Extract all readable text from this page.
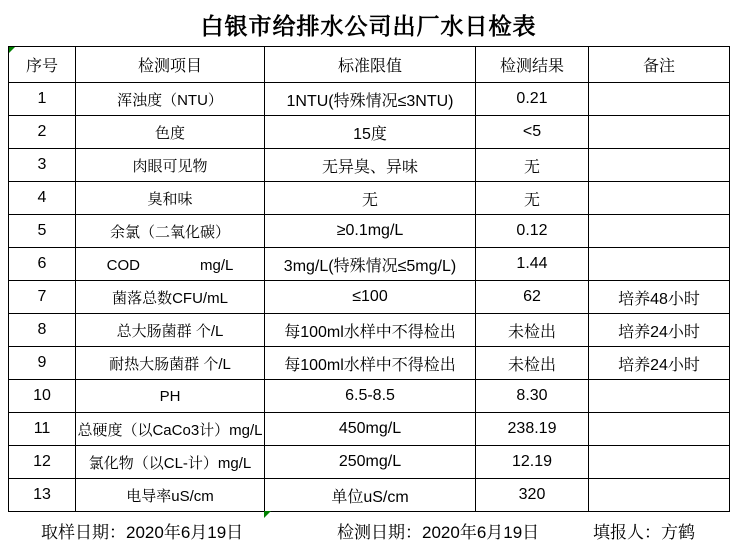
白银市给排水公司出厂水日检表
序号	检测项目	标准限值	检测结果	备注
1	浑浊度（NTU）	1NTU(特殊情况≤3NTU)	0.21	
2	色度	15度	<5	
3	肉眼可见物	无异臭、异味	无	
4	臭和味	无	无	
5	余氯（二氧化碳）	≥0.1mg/L	0.12	
6	COD　　　　mg/L	3mg/L(特殊情况≤5mg/L)	1.44	
7	菌落总数CFU/mL	≤100	62	培养48小时
8	总大肠菌群 个/L	每100ml水样中不得检出	未检出	培养24小时
9	耐热大肠菌群 个/L	每100ml水样中不得检出	未检出	培养24小时
10	PH	6.5-8.5	8.30	
11	总硬度（以CaCo3计）mg/L	450mg/L	238.19	
12	氯化物（以CL-计）mg/L	250mg/L	12.19	
13	电导率uS/cm	单位uS/cm	320	
取样日期：2020年6月19日	检测日期：2020年6月19日	填报人：方鹤
